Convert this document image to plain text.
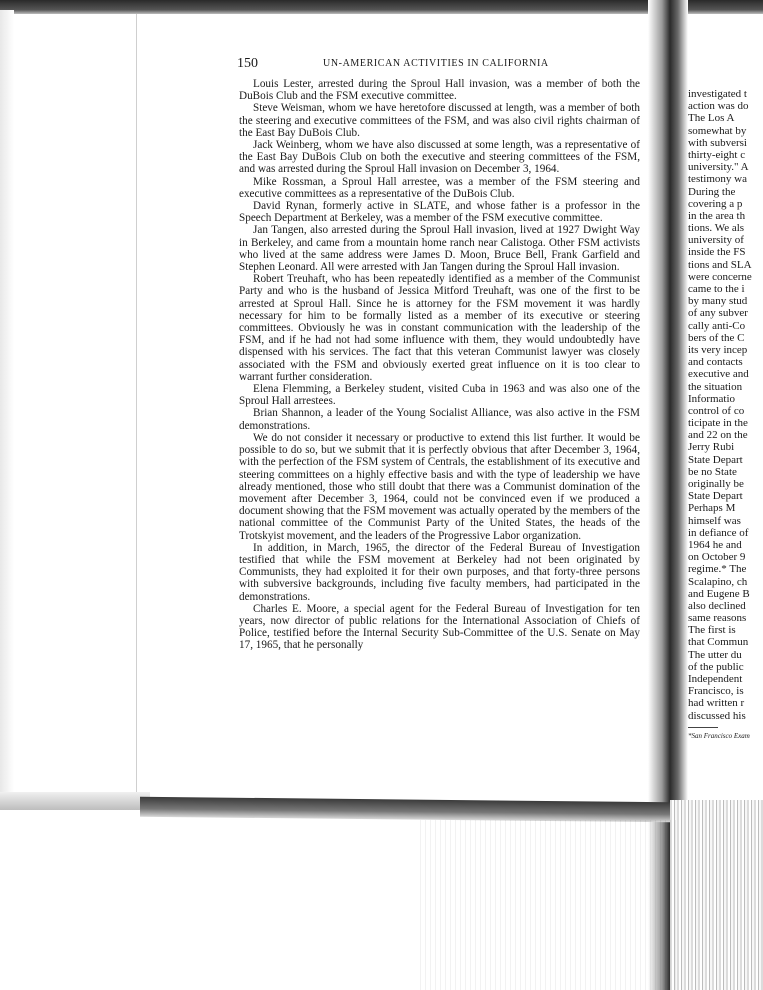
150	UN-AMERICAN ACTIVITIES IN CALIFORNIA

Louis Lester, arrested during the Sproul Hall invasion, was a member of both the DuBois Club and the FSM executive committee.

Steve Weisman, whom we have heretofore discussed at length, was a member of both the steering and executive committees of the FSM, and was also civil rights chairman of the East Bay DuBois Club.

Jack Weinberg, whom we have also discussed at some length, was a representative of the East Bay DuBois Club on both the executive and steering committees of the FSM, and was arrested during the Sproul Hall invasion on December 3, 1964.

Mike Rossman, a Sproul Hall arrestee, was a member of the FSM steering and executive committees as a representative of the DuBois Club.

David Rynan, formerly active in SLATE, and whose father is a professor in the Speech Department at Berkeley, was a member of the FSM executive committee.

Jan Tangen, also arrested during the Sproul Hall invasion, lived at 1927 Dwight Way in Berkeley, and came from a mountain home ranch near Calistoga. Other FSM activists who lived at the same address were James D. Moon, Bruce Bell, Frank Garfield and Stephen Leonard. All were arrested with Jan Tangen during the Sproul Hall invasion.

Robert Treuhaft, who has been repeatedly identified as a member of the Communist Party and who is the husband of Jessica Mitford Treuhaft, was one of the first to be arrested at Sproul Hall. Since he is attorney for the FSM movement it was hardly necessary for him to be formally listed as a member of its executive or steering committees. Obviously he was in constant communication with the leadership of the FSM, and if he had not had some influence with them, they would undoubtedly have dispensed with his services. The fact that this veteran Communist lawyer was closely associated with the FSM and obviously exerted great influence on it is too clear to warrant further consideration.

Elena Flemming, a Berkeley student, visited Cuba in 1963 and was also one of the Sproul Hall arrestees.

Brian Shannon, a leader of the Young Socialist Alliance, was also active in the FSM demonstrations.

We do not consider it necessary or productive to extend this list further. It would be possible to do so, but we submit that it is perfectly obvious that after December 3, 1964, with the perfection of the FSM system of Centrals, the establishment of its executive and steering committees on a highly effective basis and with the type of leadership we have already mentioned, those who still doubt that there was a Communist domination of the movement after December 3, 1964, could not be convinced even if we produced a document showing that the FSM movement was actually operated by the members of the national committee of the Communist Party of the United States, the heads of the Trotskyist movement, and the leaders of the Progressive Labor organization.

In addition, in March, 1965, the director of the Federal Bureau of Investigation testified that while the FSM movement at Berkeley had not been originated by Communists, they had exploited it for their own purposes, and that forty-three persons with subversive backgrounds, including five faculty members, had participated in the demonstrations.

Charles E. Moore, a special agent for the Federal Bureau of Investigation for ten years, now director of public relations for the International Association of Chiefs of Police, testified before the Internal Security Sub-Committee of the U.S. Senate on May 17, 1965, that he personally

investigated t
action was do
The Los A
somewhat by
with subversi
thirty-eight c
university." A
testimony wa
During the
covering a p
in the area th
tions. We als
university of
inside the FS
tions and SLA
were concerne
came to the i
by many stud
of any subver
cally anti-Co
bers of the C
its very incep
and contacts
executive and
the situation
Informatio
control of co
ticipate in the
and 22 on the
Jerry Rubi
State Depart
be no State
originally be
State Depart
Perhaps M
himself was
in defiance of
1964 he and
on October 9
regime.* The
Scalapino, ch
and Eugene B
also declined
same reasons
The first is
that Commun
The utter du
of the public
Independent
Francisco, is
had written r
discussed his
*San Francisco Exam
